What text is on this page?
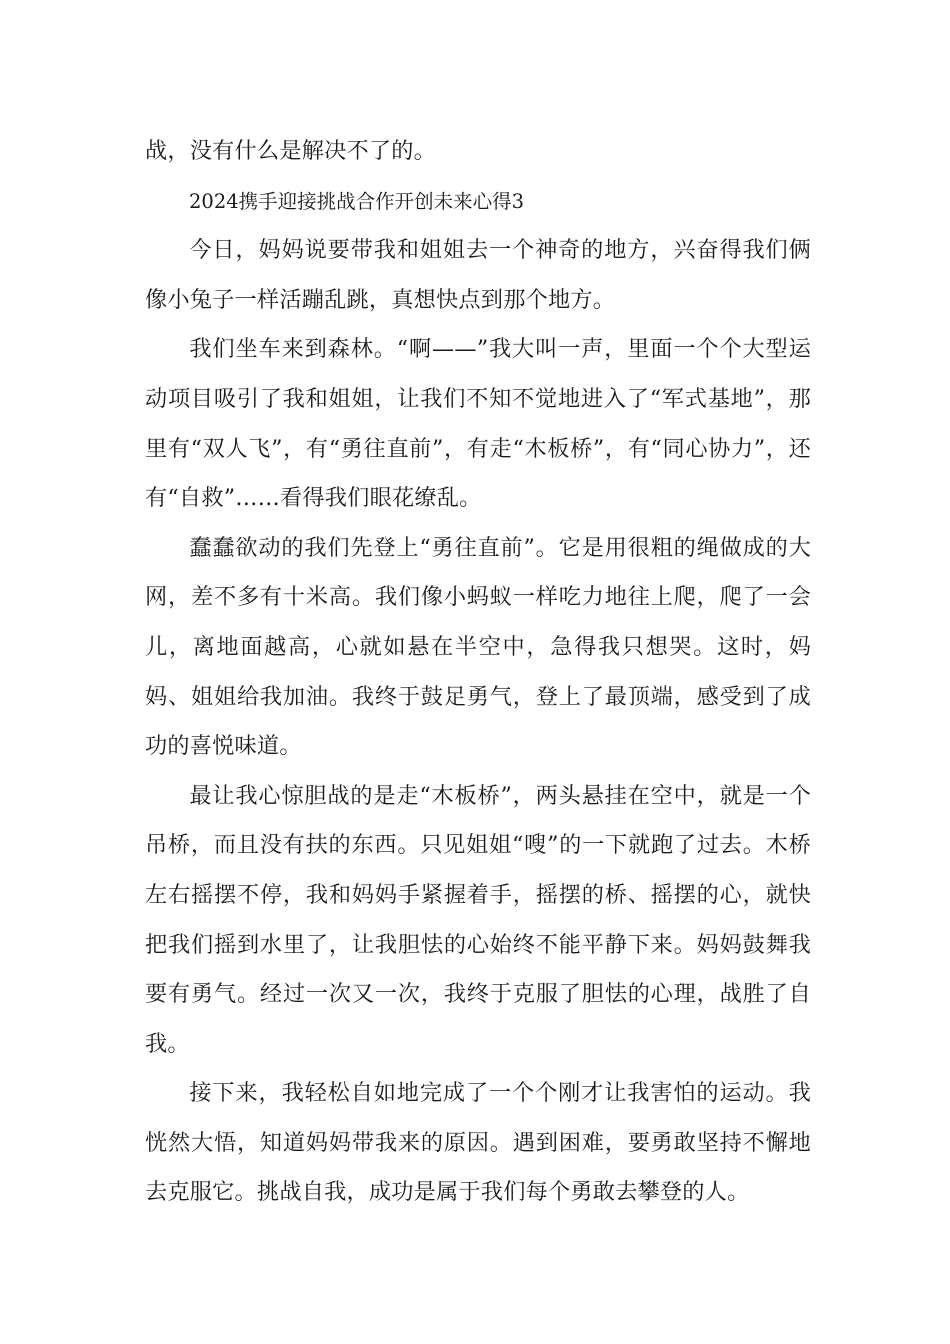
战，没有什么是解决不了的。

2024携手迎接挑战合作开创未来心得3

今日，妈妈说要带我和姐姐去一个神奇的地方，兴奋得我们俩像小兔子一样活蹦乱跳，真想快点到那个地方。

我们坐车来到森林。“啊——”我大叫一声，里面一个个大型运动项目吸引了我和姐姐，让我们不知不觉地进入了“军式基地”，那里有“双人飞”，有“勇往直前”，有走“木板桥”，有“同心协力”，还有“自救”……看得我们眼花缭乱。

蠢蠢欲动的我们先登上“勇往直前”。它是用很粗的绳做成的大网，差不多有十米高。我们像小蚂蚁一样吃力地往上爬，爬了一会儿，离地面越高，心就如悬在半空中，急得我只想哭。这时，妈妈、姐姐给我加油。我终于鼓足勇气，登上了最顶端，感受到了成功的喜悦味道。

最让我心惊胆战的是走“木板桥”，两头悬挂在空中，就是一个吊桥，而且没有扶的东西。只见姐姐“嗖”的一下就跑了过去。木桥左右摇摆不停，我和妈妈手紧握着手，摇摆的桥、摇摆的心，就快把我们摇到水里了，让我胆怯的心始终不能平静下来。妈妈鼓舞我要有勇气。经过一次又一次，我终于克服了胆怯的心理，战胜了自我。

接下来，我轻松自如地完成了一个个刚才让我害怕的运动。我恍然大悟，知道妈妈带我来的原因。遇到困难，要勇敢坚持不懈地去克服它。挑战自我，成功是属于我们每个勇敢去攀登的人。
